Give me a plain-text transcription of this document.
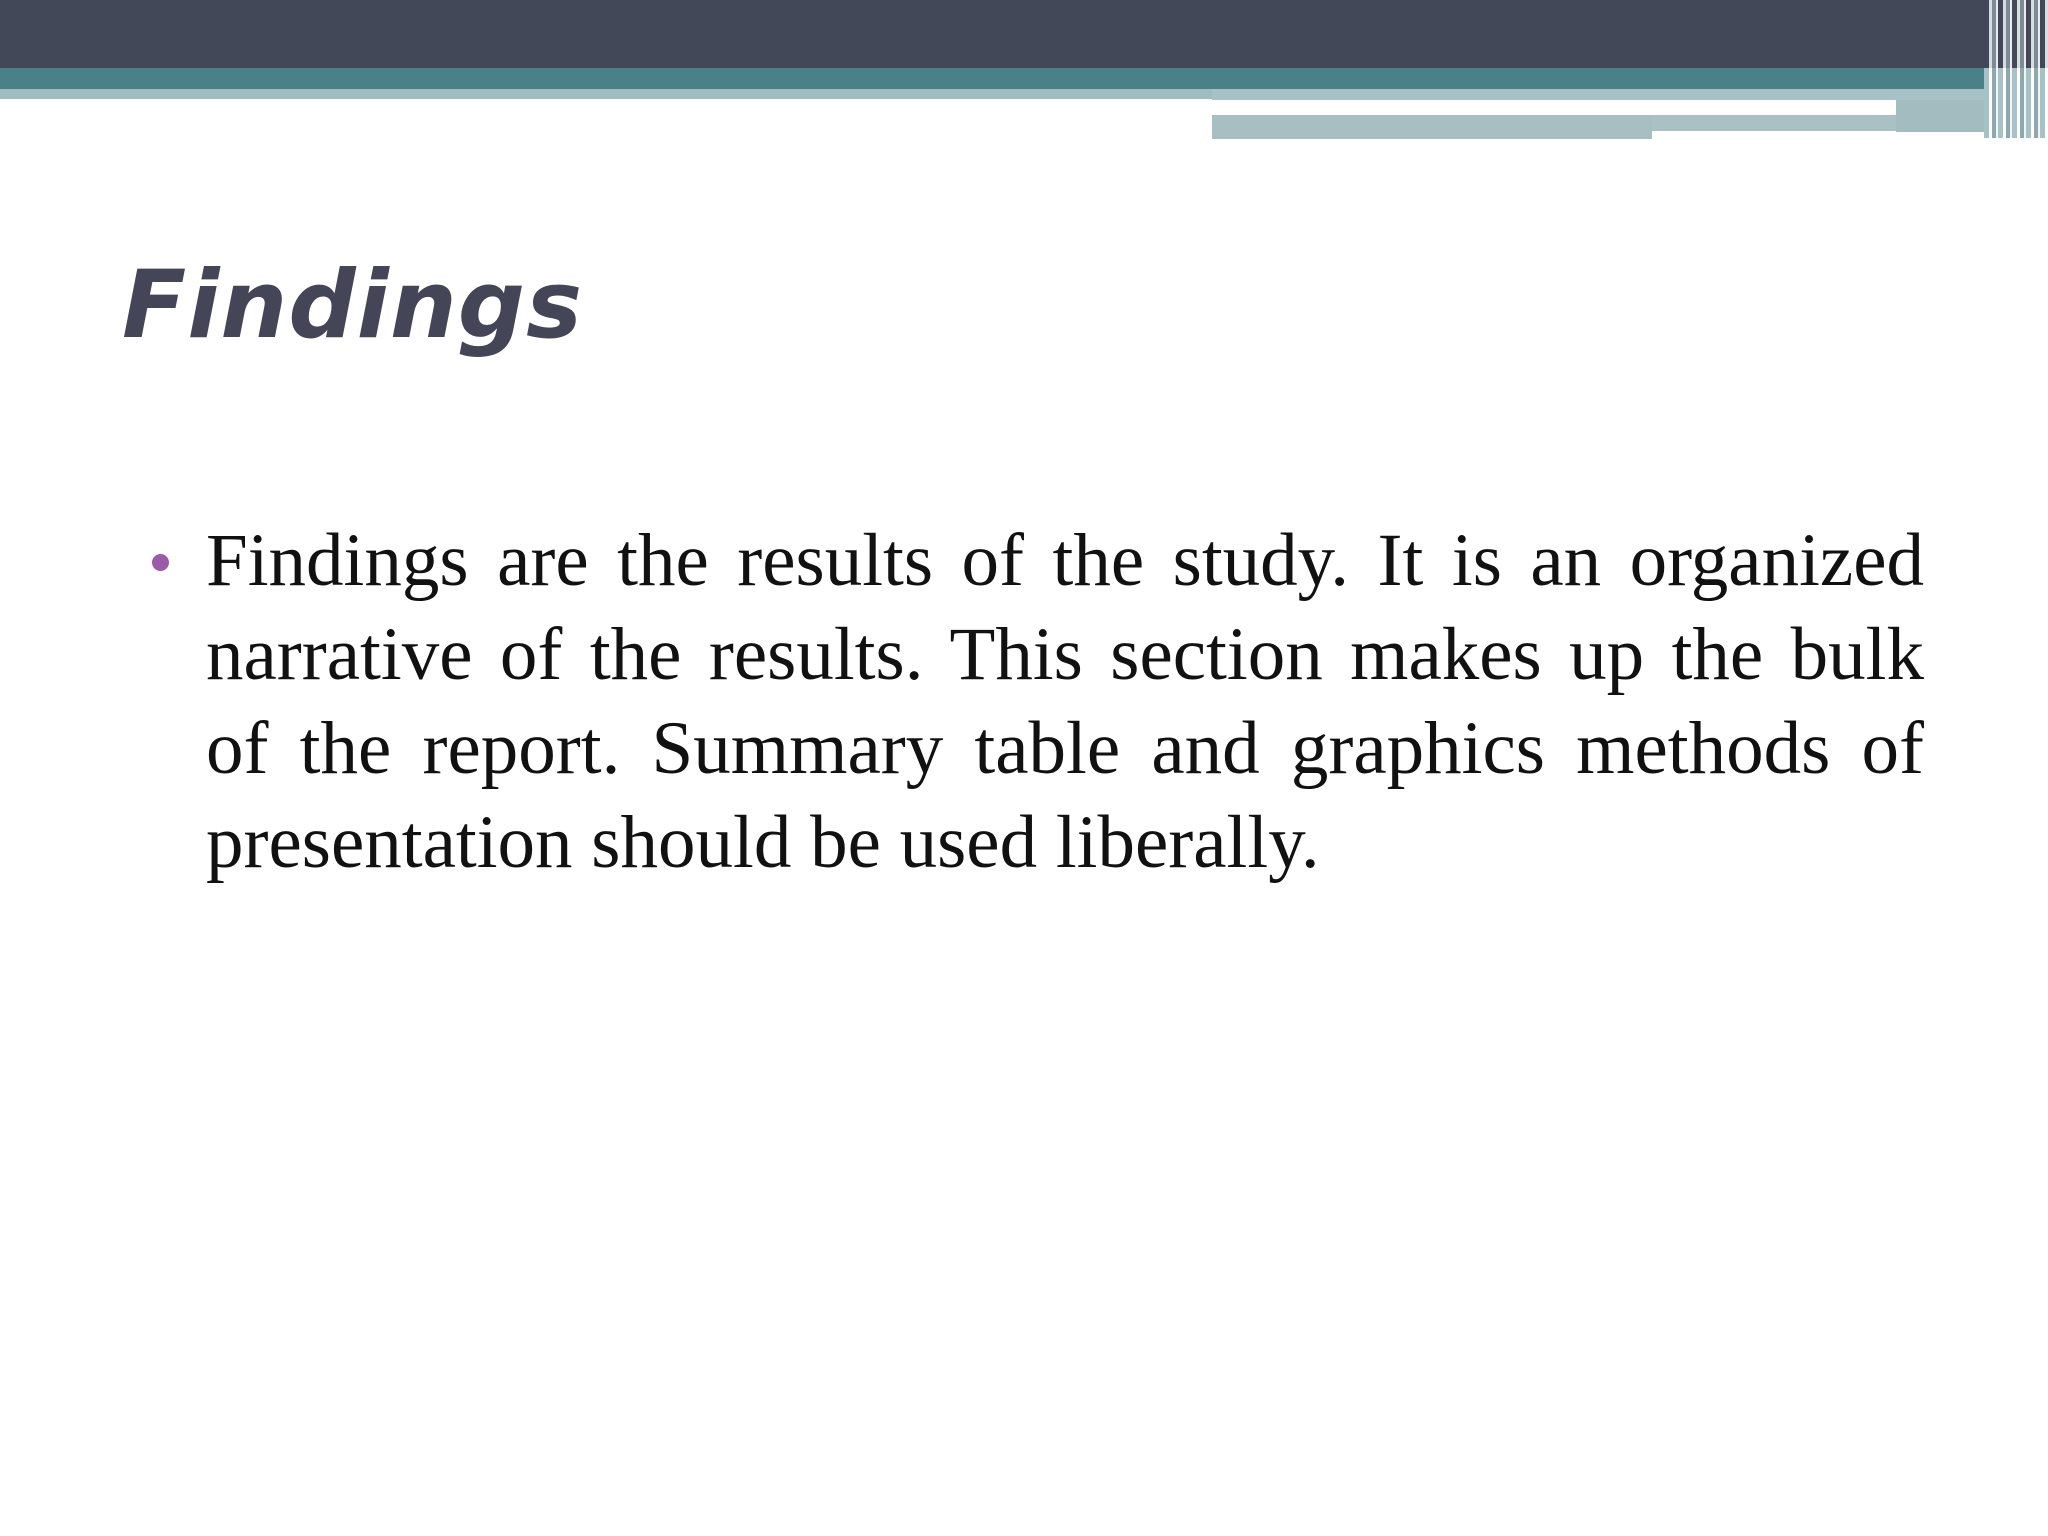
Findings
Findings are the results of the study. It is an organized narrative of the results. This section makes up the bulk of the report. Summary table and graphics methods of presentation should be used liberally.
